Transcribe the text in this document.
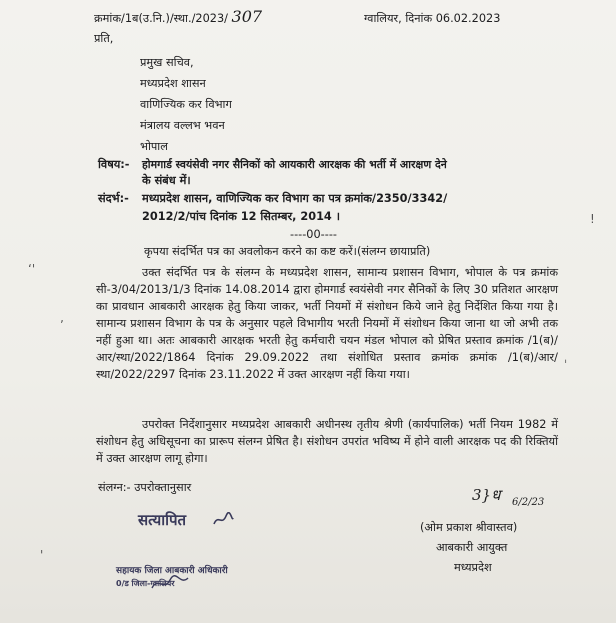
क्रमांक/1ब(उ.नि.)/स्था./2023/ 307	ग्वालियर, दिनांक 06.02.2023
प्रति,
प्रमुख सचिव,
मध्यप्रदेश शासन
वाणिज्यिक कर विभाग
मंत्रालय वल्लभ भवन
भोपाल
विषय:- होमगार्ड स्वयंसेवी नगर सैनिकों को आयकारी आरक्षक की भर्ती में आरक्षण देने
के संबंध में।
संदर्भ:- मध्यप्रदेश शासन, वाणिज्यिक कर विभाग का पत्र क्रमांक/2350/3342/
2012/2/पांच दिनांक 12 सितम्बर, 2014 ।
----00----
कृपया संदर्भित पत्र का अवलोकन करने का कष्ट करें।(संलग्न छायाप्रति)
उक्त संदर्भित पत्र के संलग्न के मध्यप्रदेश शासन, सामान्य प्रशासन विभाग, भोपाल के पत्र क्रमांक सी-3/04/2013/1/3 दिनांक 14.08.2014 द्वारा होमगार्ड स्वयंसेवी नगर सैनिकों के लिए 30 प्रतिशत आरक्षण का प्रावधान आबकारी आरक्षक हेतु किया जाकर, भर्ती नियमों में संशोधन किये जाने हेतु निर्देशित किया गया है। सामान्य प्रशासन विभाग के पत्र के अनुसार पहले विभागीय भरती नियमों में संशोधन किया जाना था जो अभी तक नहीं हुआ था। अतः आबकारी आरक्षक भरती हेतु कर्मचारी चयन मंडल भोपाल को प्रेषित प्रस्ताव क्रमांक /1(ब)/आर/स्था/2022/1864 दिनांक 29.09.2022 तथा संशोधित प्रस्ताव क्रमांक क्रमांक /1(ब)/आर/स्था/2022/2297 दिनांक 23.11.2022 में उक्त आरक्षण नहीं किया गया।
उपरोक्त निर्देशानुसार मध्यप्रदेश आबकारी अधीनस्थ तृतीय श्रेणी (कार्यपालिक) भर्ती नियम 1982 में संशोधन हेतु अधिसूचना का प्रारूप संलग्न प्रेषित है। संशोधन उपरांत भविष्य में होने वाली आरक्षक पद की रिक्तियों में उक्त आरक्षण लागू होगा।
संलग्न:- उपरोक्तानुसार	3}ध 6/2/23
(ओम प्रकाश श्रीवास्तव)
आबकारी आयुक्त
मध्यप्रदेश
सत्यापित
सहायक जिला आबकारी अधिकारी
0/ड जिला-ग्वालियर
ʻ'
ʼ
'
!
ˌ
